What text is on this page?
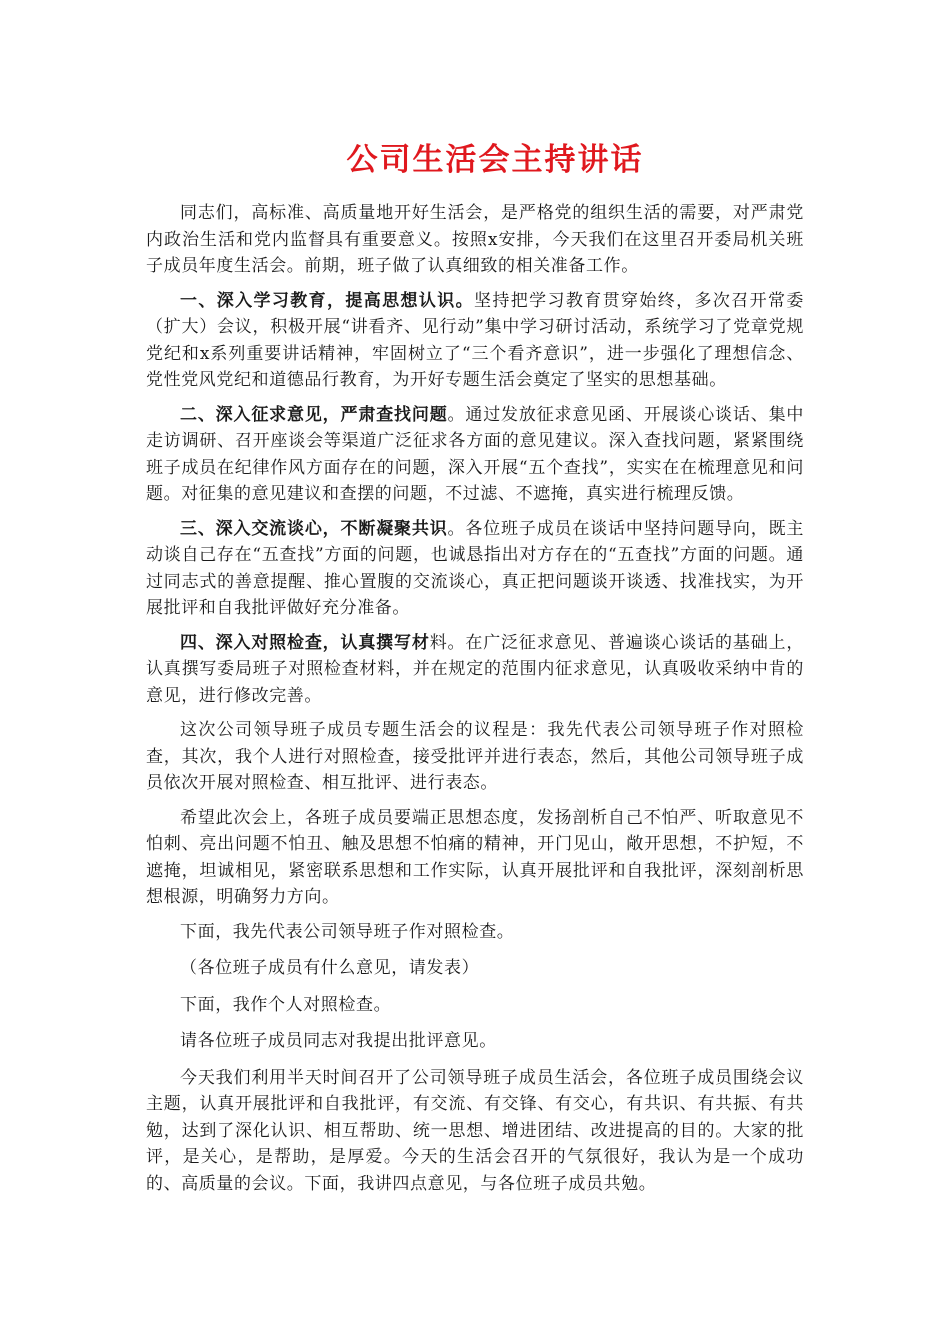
公司生活会主持讲话

同志们，高标准、高质量地开好生活会，是严格党的组织生活的需要，对严肃党内政治生活和党内监督具有重要意义。按照x安排，今天我们在这里召开委局机关班子成员年度生活会。前期，班子做了认真细致的相关准备工作。

一、深入学习教育，提高思想认识。坚持把学习教育贯穿始终，多次召开常委（扩大）会议，积极开展“讲看齐、见行动”集中学习研讨活动，系统学习了党章党规党纪和x系列重要讲话精神，牢固树立了“三个看齐意识”，进一步强化了理想信念、党性党风党纪和道德品行教育，为开好专题生活会奠定了坚实的思想基础。

二、深入征求意见，严肃查找问题。通过发放征求意见函、开展谈心谈话、集中走访调研、召开座谈会等渠道广泛征求各方面的意见建议。深入查找问题，紧紧围绕班子成员在纪律作风方面存在的问题，深入开展“五个查找”，实实在在梳理意见和问题。对征集的意见建议和查摆的问题，不过滤、不遮掩，真实进行梳理反馈。

三、深入交流谈心，不断凝聚共识。各位班子成员在谈话中坚持问题导向，既主动谈自己存在“五查找”方面的问题，也诚恳指出对方存在的“五查找”方面的问题。通过同志式的善意提醒、推心置腹的交流谈心，真正把问题谈开谈透、找准找实，为开展批评和自我批评做好充分准备。

四、深入对照检查，认真撰写材料。在广泛征求意见、普遍谈心谈话的基础上，认真撰写委局班子对照检查材料，并在规定的范围内征求意见，认真吸收采纳中肯的意见，进行修改完善。

这次公司领导班子成员专题生活会的议程是：我先代表公司领导班子作对照检查，其次，我个人进行对照检查，接受批评并进行表态，然后，其他公司领导班子成员依次开展对照检查、相互批评、进行表态。

希望此次会上，各班子成员要端正思想态度，发扬剖析自己不怕严、听取意见不怕刺、亮出问题不怕丑、触及思想不怕痛的精神，开门见山，敞开思想，不护短，不遮掩，坦诚相见，紧密联系思想和工作实际，认真开展批评和自我批评，深刻剖析思想根源，明确努力方向。

下面，我先代表公司领导班子作对照检查。

（各位班子成员有什么意见，请发表）

下面，我作个人对照检查。

请各位班子成员同志对我提出批评意见。

今天我们利用半天时间召开了公司领导班子成员生活会，各位班子成员围绕会议主题，认真开展批评和自我批评，有交流、有交锋、有交心，有共识、有共振、有共勉，达到了深化认识、相互帮助、统一思想、增进团结、改进提高的目的。大家的批评，是关心，是帮助，是厚爱。今天的生活会召开的气氛很好，我认为是一个成功的、高质量的会议。下面，我讲四点意见，与各位班子成员共勉。
